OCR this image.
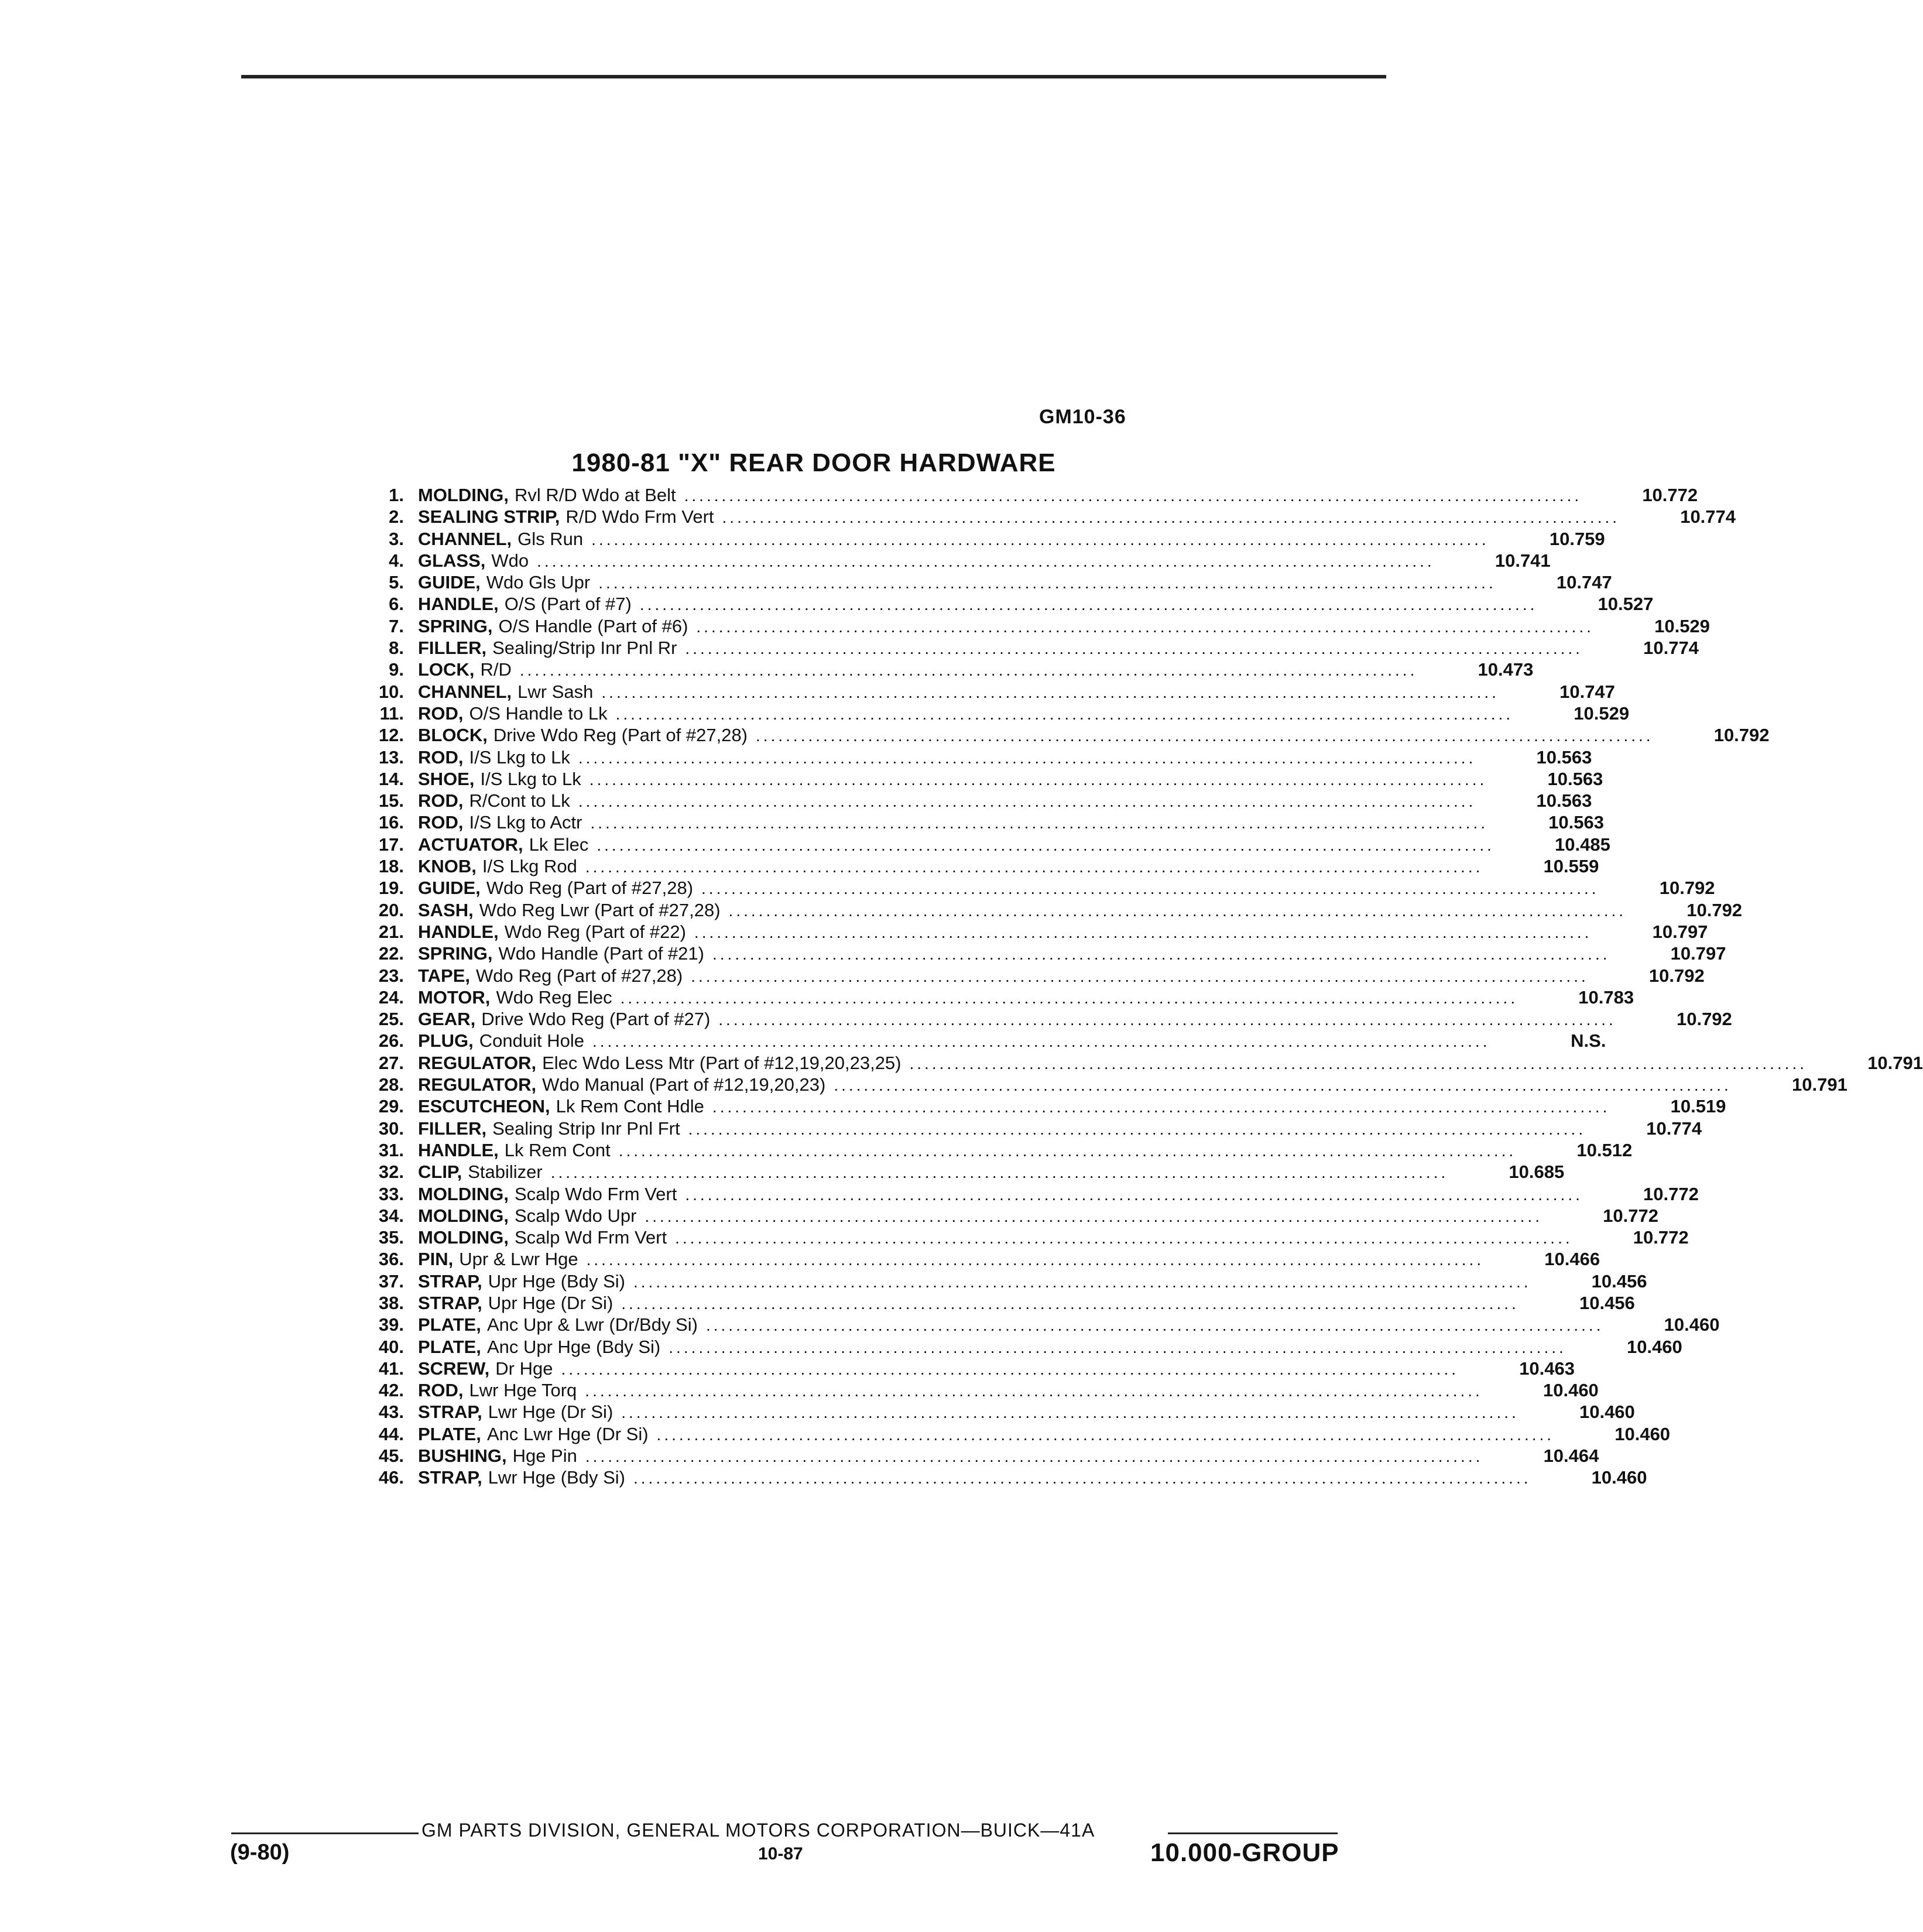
GM10-36
1980-81 "X" REAR DOOR HARDWARE
1. MOLDING, Rvl R/D Wdo at Belt ........................................................................................................................	10.772
2. SEALING STRIP, R/D Wdo Frm Vert ........................................................................................................................	10.774
3. CHANNEL, Gls Run ........................................................................................................................	10.759
4. GLASS, Wdo ........................................................................................................................	10.741
5. GUIDE, Wdo Gls Upr ........................................................................................................................	10.747
6. HANDLE, O/S (Part of #7) ........................................................................................................................	10.527
7. SPRING, O/S Handle (Part of #6) ........................................................................................................................	10.529
8. FILLER, Sealing/Strip Inr Pnl Rr ........................................................................................................................	10.774
9. LOCK, R/D ........................................................................................................................	10.473
10. CHANNEL, Lwr Sash ........................................................................................................................	10.747
11. ROD, O/S Handle to Lk ........................................................................................................................	10.529
12. BLOCK, Drive Wdo Reg (Part of #27,28) ........................................................................................................................	10.792
13. ROD, I/S Lkg to Lk ........................................................................................................................	10.563
14. SHOE, I/S Lkg to Lk ........................................................................................................................	10.563
15. ROD, R/Cont to Lk ........................................................................................................................	10.563
16. ROD, I/S Lkg to Actr ........................................................................................................................	10.563
17. ACTUATOR, Lk Elec ........................................................................................................................	10.485
18. KNOB, I/S Lkg Rod ........................................................................................................................	10.559
19. GUIDE, Wdo Reg (Part of #27,28) ........................................................................................................................	10.792
20. SASH, Wdo Reg Lwr (Part of #27,28) ........................................................................................................................	10.792
21. HANDLE, Wdo Reg (Part of #22) ........................................................................................................................	10.797
22. SPRING, Wdo Handle (Part of #21) ........................................................................................................................	10.797
23. TAPE, Wdo Reg (Part of #27,28) ........................................................................................................................	10.792
24. MOTOR, Wdo Reg Elec ........................................................................................................................	10.783
25. GEAR, Drive Wdo Reg (Part of #27) ........................................................................................................................	10.792
26. PLUG, Conduit Hole ........................................................................................................................	N.S.
27. REGULATOR, Elec Wdo Less Mtr (Part of #12,19,20,23,25) ........................................................................................................................	10.791
28. REGULATOR, Wdo Manual (Part of #12,19,20,23) ........................................................................................................................	10.791
29. ESCUTCHEON, Lk Rem Cont Hdle ........................................................................................................................	10.519
30. FILLER, Sealing Strip Inr Pnl Frt ........................................................................................................................	10.774
31. HANDLE, Lk Rem Cont ........................................................................................................................	10.512
32. CLIP, Stabilizer ........................................................................................................................	10.685
33. MOLDING, Scalp Wdo Frm Vert ........................................................................................................................	10.772
34. MOLDING, Scalp Wdo Upr ........................................................................................................................	10.772
35. MOLDING, Scalp Wd Frm Vert ........................................................................................................................	10.772
36. PIN, Upr & Lwr Hge ........................................................................................................................	10.466
37. STRAP, Upr Hge (Bdy Si) ........................................................................................................................	10.456
38. STRAP, Upr Hge (Dr Si) ........................................................................................................................	10.456
39. PLATE, Anc Upr & Lwr (Dr/Bdy Si) ........................................................................................................................	10.460
40. PLATE, Anc Upr Hge (Bdy Si) ........................................................................................................................	10.460
41. SCREW, Dr Hge ........................................................................................................................	10.463
42. ROD, Lwr Hge Torq ........................................................................................................................	10.460
43. STRAP, Lwr Hge (Dr Si) ........................................................................................................................	10.460
44. PLATE, Anc Lwr Hge (Dr Si) ........................................................................................................................	10.460
45. BUSHING, Hge Pin ........................................................................................................................	10.464
46. STRAP, Lwr Hge (Bdy Si) ........................................................................................................................	10.460
GM PARTS DIVISION, GENERAL MOTORS CORPORATION—BUICK—41A
(9-80)	10-87	10.000-GROUP
